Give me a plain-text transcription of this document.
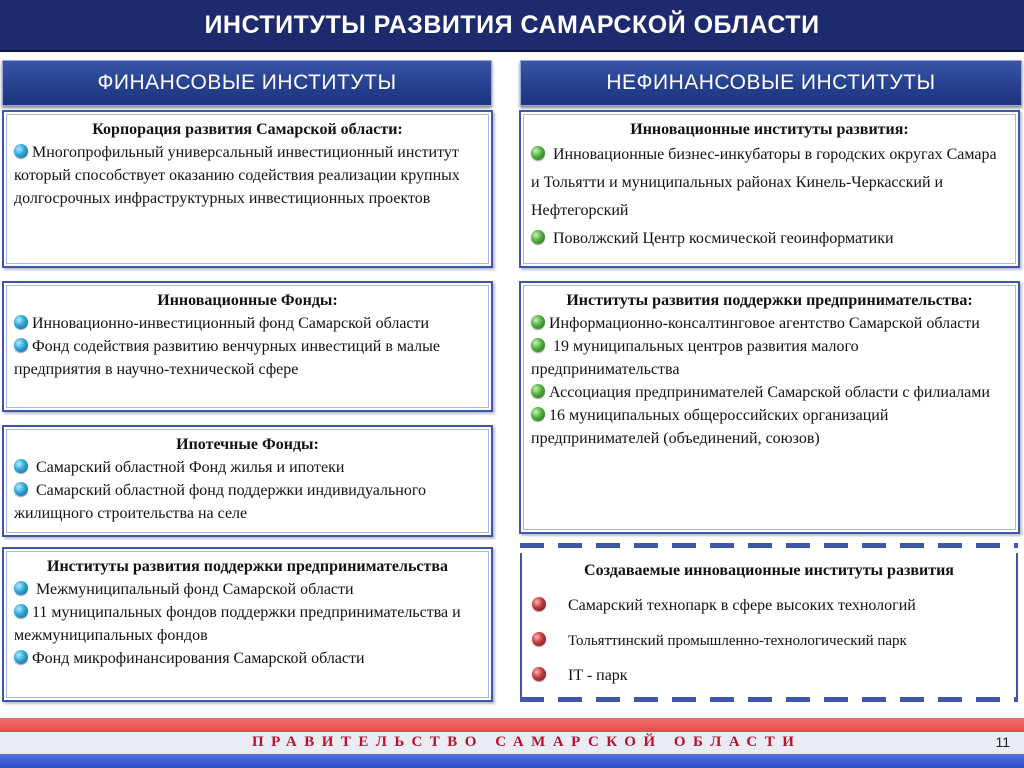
ИНСТИТУТЫ РАЗВИТИЯ САМАРСКОЙ ОБЛАСТИ
ФИНАНСОВЫЕ ИНСТИТУТЫ	НЕФИНАНСОВЫЕ ИНСТИТУТЫ
Корпорация развития Самарской области:
Многопрофильный универсальный инвестиционный институт который способствует оказанию содействия реализации крупных долгосрочных инфраструктурных инвестиционных проектов
Инновационные Фонды:
Инновационно-инвестиционный фонд Самарской области
Фонд содействия развитию венчурных инвестиций в малые предприятия в научно-технической сфере
Ипотечные Фонды:
Самарский областной Фонд жилья и ипотеки
Самарский областной фонд поддержки индивидуального жилищного строительства на селе
Институты развития поддержки предпринимательства
Межмуниципальный фонд Самарской области
11 муниципальных фондов поддержки предпринимательства и межмуниципальных фондов
Фонд микрофинансирования Самарской области
Инновационные институты развития:
Инновационные бизнес-инкубаторы в городских округах Самара и Тольятти и муниципальных районах Кинель-Черкасский и Нефтегорский
Поволжский Центр космической геоинформатики
Институты развития поддержки предпринимательства:
Информационно-консалтинговое агентство Самарской области
19 муниципальных центров развития малого предпринимательства
Ассоциация предпринимателей Самарской области с филиалами
16 муниципальных общероссийских организаций предпринимателей (объединений, союзов)
Создаваемые инновационные институты развития
Самарский технопарк в сфере высоких технологий
Тольяттинский промышленно-технологический парк
IT - парк
ПРАВИТЕЛЬСТВО САМАРСКОЙ ОБЛАСТИ	11
